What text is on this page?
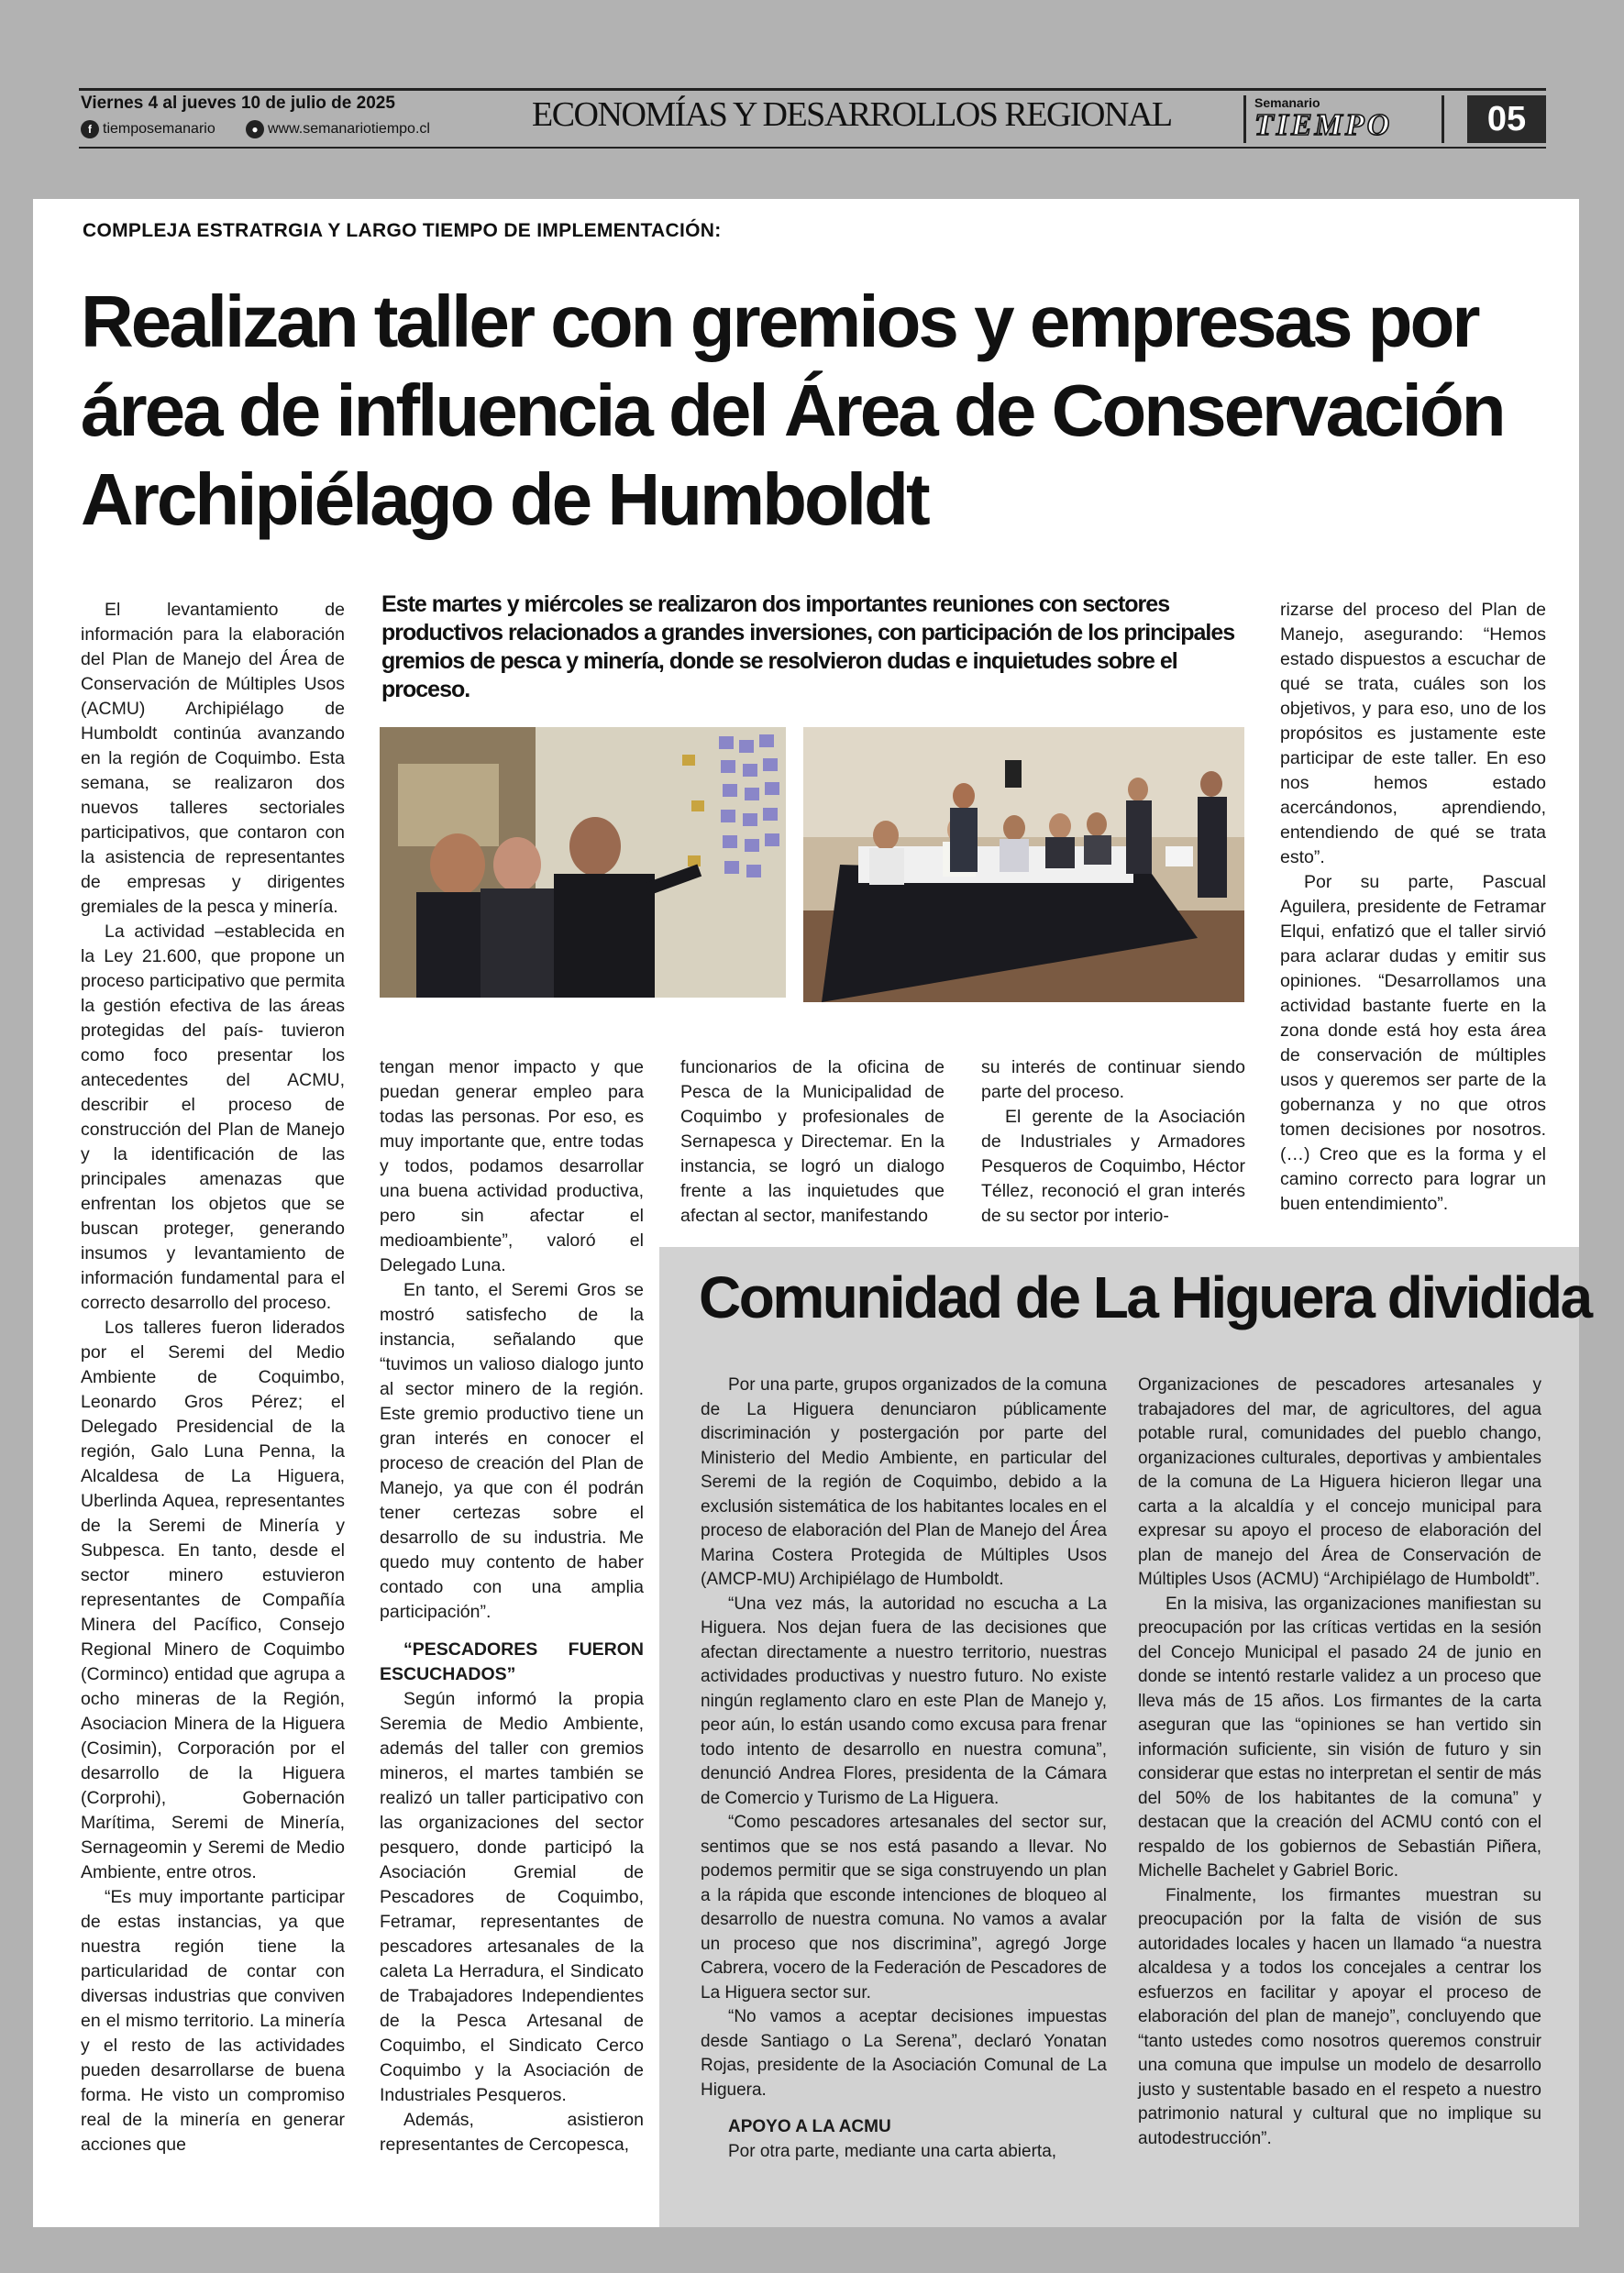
Viernes 4 al jueves 10 de julio de 2025
f tiemposemanario	● www.semanariotiempo.cl	ECONOMÍAS Y DESARROLLOS REGIONAL	Semanario
TIEMPO	05
COMPLEJA ESTRATRGIA Y LARGO TIEMPO DE IMPLEMENTACIÓN:
Realizan taller con gremios y empresas por área de influencia del Área de Conservación Archipiélago de Humboldt

Este martes y miércoles se realizaron dos importantes reuniones con sectores productivos relacionados a grandes inversiones, con participación de los principales gremios de pesca y minería, donde se resolvieron dudas e inquietudes sobre el proceso.

El levantamiento de información para la elaboración del Plan de Manejo del Área de Conservación de Múltiples Usos (ACMU) Archipiélago de Humboldt continúa avanzando en la región de Coquimbo. Esta semana, se realizaron dos nuevos talleres sectoriales participativos, que contaron con la asistencia de representantes de empresas y dirigentes gremiales de la pesca y minería.

La actividad –establecida en la Ley 21.600, que propone un proceso participativo que permita la gestión efectiva de las áreas protegidas del país- tuvieron como foco presentar los antecedentes del ACMU, describir el proceso de construcción del Plan de Manejo y la identificación de las principales amenazas que enfrentan los objetos que se buscan proteger, generando insumos y levantamiento de información fundamental para el correcto desarrollo del proceso.

Los talleres fueron liderados por el Seremi del Medio Ambiente de Coquimbo, Leonardo Gros Pérez; el Delegado Presidencial de la región, Galo Luna Penna, la Alcaldesa de La Higuera, Uberlinda Aquea, representantes de la Seremi de Minería y Subpesca. En tanto, desde el sector minero estuvieron representantes de Compañía Minera del Pacífico, Consejo Regional Minero de Coquimbo (Corminco) entidad que agrupa a ocho mineras de la Región, Asociacion Minera de la Higuera (Cosimin), Corporación por el desarrollo de la Higuera (Corprohi), Gobernación Marítima, Seremi de Minería, Sernageomin y Seremi de Medio Ambiente, entre otros.

“Es muy importante participar de estas instancias, ya que nuestra región tiene la particularidad de contar con diversas industrias que conviven en el mismo territorio. La minería y el resto de las actividades pueden desarrollarse de buena forma. He visto un compromiso real de la minería en generar acciones que

tengan menor impacto y que puedan generar empleo para todas las personas. Por eso, es muy importante que, entre todas y todos, podamos desarrollar una buena actividad productiva, pero sin afectar el medioambiente”, valoró el Delegado Luna.

En tanto, el Seremi Gros se mostró satisfecho de la instancia, señalando que “tuvimos un valioso dialogo junto al sector minero de la región. Este gremio productivo tiene un gran interés en conocer el proceso de creación del Plan de Manejo, ya que con él podrán tener certezas sobre el desarrollo de su industria. Me quedo muy contento de haber contado con una amplia participación”.

“PESCADORES FUERON ESCUCHADOS”

Según informó la propia Seremia de Medio Ambiente, además del taller con gremios mineros, el martes también se realizó un taller participativo con las organizaciones del sector pesquero, donde participó la Asociación Gremial de Pescadores de Coquimbo, Fetramar, representantes de pescadores artesanales de la caleta La Herradura, el Sindicato de Trabajadores Independientes de la Pesca Artesanal de Coquimbo, el Sindicato Cerco Coquimbo y la Asociación de Industriales Pesqueros.

Además, asistieron representantes de Cercopesca,

funcionarios de la oficina de Pesca de la Municipalidad de Coquimbo y profesionales de Sernapesca y Directemar. En la instancia, se logró un dialogo frente a las inquietudes que afectan al sector, manifestando

su interés de continuar siendo parte del proceso.

El gerente de la Asociación de Industriales y Armadores Pesqueros de Coquimbo, Héctor Téllez, reconoció el gran interés de su sector por interio-

rizarse del proceso del Plan de Manejo, asegurando: “Hemos estado dispuestos a escuchar de qué se trata, cuáles son los objetivos, y para eso, uno de los propósitos es justamente este participar de este taller. En eso nos hemos estado acercándonos, aprendiendo, entendiendo de qué se trata esto”.

Por su parte, Pascual Aguilera, presidente de Fetramar Elqui, enfatizó que el taller sirvió para aclarar dudas y emitir sus opiniones. “Desarrollamos una actividad bastante fuerte en la zona donde está hoy esta área de conservación de múltiples usos y queremos ser parte de la gobernanza y no que otros tomen decisiones por nosotros. (…) Creo que es la forma y el camino correcto para lograr un buen entendimiento”.

Comunidad de La Higuera dividida

Por una parte, grupos organizados de la comuna de La Higuera denunciaron públicamente discriminación y postergación por parte del Ministerio del Medio Ambiente, en particular del Seremi de la región de Coquimbo, debido a la exclusión sistemática de los habitantes locales en el proceso de elaboración del Plan de Manejo del Área Marina Costera Protegida de Múltiples Usos (AMCP-MU) Archipiélago de Humboldt.

“Una vez más, la autoridad no escucha a La Higuera. Nos dejan fuera de las decisiones que afectan directamente a nuestro territorio, nuestras actividades productivas y nuestro futuro. No existe ningún reglamento claro en este Plan de Manejo y, peor aún, lo están usando como excusa para frenar todo intento de desarrollo en nuestra comuna”, denunció Andrea Flores, presidenta de la Cámara de Comercio y Turismo de La Higuera.

“Como pescadores artesanales del sector sur, sentimos que se nos está pasando a llevar. No podemos permitir que se siga construyendo un plan a la rápida que esconde intenciones de bloqueo al desarrollo de nuestra comuna. No vamos a avalar un proceso que nos discrimina”, agregó Jorge Cabrera, vocero de la Federación de Pescadores de La Higuera sector sur.

“No vamos a aceptar decisiones impuestas desde Santiago o La Serena”, declaró Yonatan Rojas, presidente de la Asociación Comunal de La Higuera.

APOYO A LA ACMU

Por otra parte, mediante una carta abierta,

Organizaciones de pescadores artesanales y trabajadores del mar, de agricultores, del agua potable rural, comunidades del pueblo chango, organizaciones culturales, deportivas y ambientales de la comuna de La Higuera hicieron llegar una carta a la alcaldía y el concejo municipal para expresar su apoyo el proceso de elaboración del plan de manejo del Área de Conservación de Múltiples Usos (ACMU) “Archipiélago de Humboldt”.

En la misiva, las organizaciones manifiestan su preocupación por las críticas vertidas en la sesión del Concejo Municipal el pasado 24 de junio en donde se intentó restarle validez a un proceso que lleva más de 15 años. Los firmantes de la carta aseguran que las “opiniones se han vertido sin información suficiente, sin visión de futuro y sin considerar que estas no interpretan el sentir de más del 50% de los habitantes de la comuna” y destacan que la creación del ACMU contó con el respaldo de los gobiernos de Sebastián Piñera, Michelle Bachelet y Gabriel Boric.

Finalmente, los firmantes muestran su preocupación por la falta de visión de sus autoridades locales y hacen un llamado “a nuestra alcaldesa y a todos los concejales a centrar los esfuerzos en facilitar y apoyar el proceso de elaboración del plan de manejo”, concluyendo que “tanto ustedes como nosotros queremos construir una comuna que impulse un modelo de desarrollo justo y sustentable basado en el respeto a nuestro patrimonio natural y cultural que no implique su autodestrucción”.
